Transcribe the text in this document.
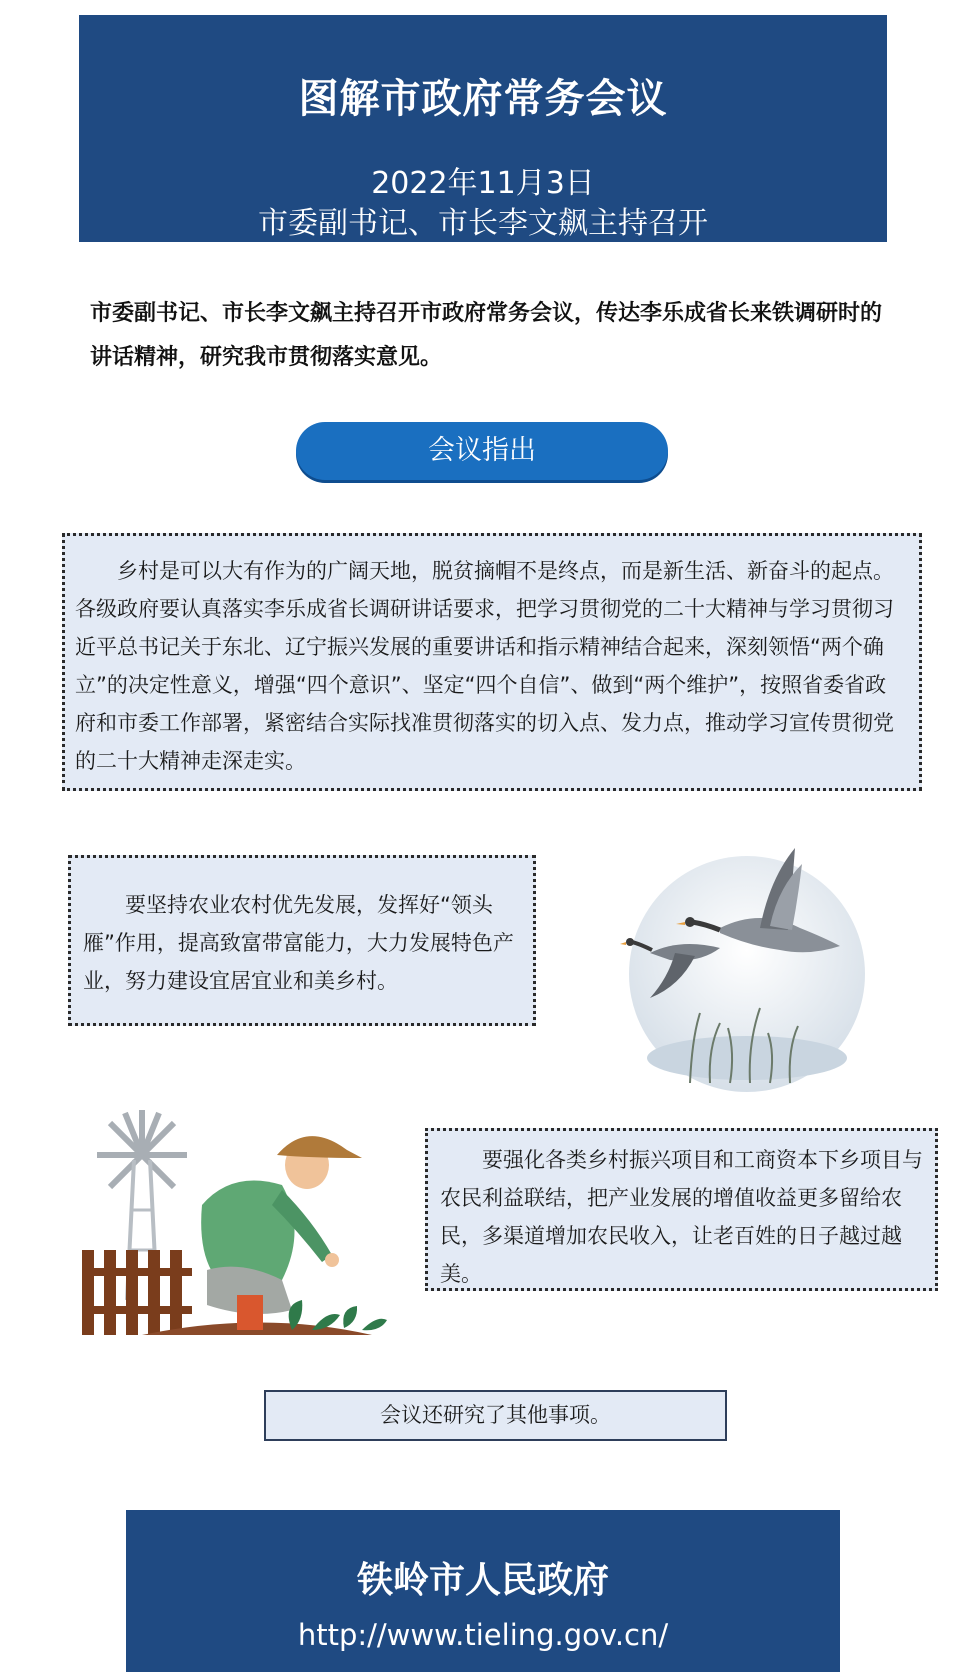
图解市政府常务会议
2022年11月3日
市委副书记、市长李文飙主持召开
市委副书记、市长李文飙主持召开市政府常务会议，传达李乐成省长来铁调研时的讲话精神，研究我市贯彻落实意见。
会议指出

乡村是可以大有作为的广阔天地，脱贫摘帽不是终点，而是新生活、新奋斗的起点。各级政府要认真落实李乐成省长调研讲话要求，把学习贯彻党的二十大精神与学习贯彻习近平总书记关于东北、辽宁振兴发展的重要讲话和指示精神结合起来，深刻领悟“两个确立”的决定性意义，增强“四个意识”、坚定“四个自信”、做到“两个维护”，按照省委省政府和市委工作部署，紧密结合实际找准贯彻落实的切入点、发力点，推动学习宣传贯彻党的二十大精神走深走实。

要坚持农业农村优先发展，发挥好“领头雁”作用，提高致富带富能力，大力发展特色产业，努力建设宜居宜业和美乡村。

要强化各类乡村振兴项目和工商资本下乡项目与农民利益联结，把产业发展的增值收益更多留给农民，多渠道增加农民收入，让老百姓的日子越过越美。

会议还研究了其他事项。
铁岭市人民政府
http://www.tieling.gov.cn/
